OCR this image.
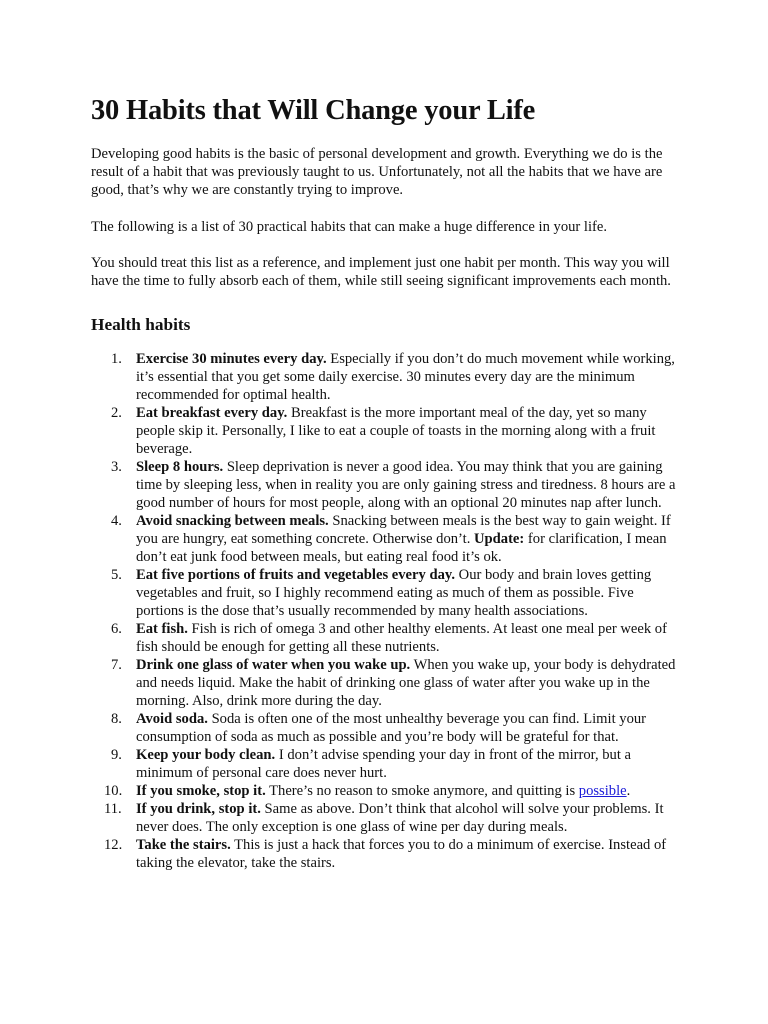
30 Habits that Will Change your Life

Developing good habits is the basic of personal development and growth. Everything we do is the result of a habit that was previously taught to us. Unfortunately, not all the habits that we have are good, that’s why we are constantly trying to improve.

The following is a list of 30 practical habits that can make a huge difference in your life.

You should treat this list as a reference, and implement just one habit per month. This way you will have the time to fully absorb each of them, while still seeing significant improvements each month.

Health habits
1. Exercise 30 minutes every day. Especially if you don’t do much movement while working, it’s essential that you get some daily exercise. 30 minutes every day are the minimum recommended for optimal health.
2. Eat breakfast every day. Breakfast is the more important meal of the day, yet so many people skip it. Personally, I like to eat a couple of toasts in the morning along with a fruit beverage.
3. Sleep 8 hours. Sleep deprivation is never a good idea. You may think that you are gaining time by sleeping less, when in reality you are only gaining stress and tiredness. 8 hours are a good number of hours for most people, along with an optional 20 minutes nap after lunch.
4. Avoid snacking between meals. Snacking between meals is the best way to gain weight. If you are hungry, eat something concrete. Otherwise don’t. Update: for clarification, I mean don’t eat junk food between meals, but eating real food it’s ok.
5. Eat five portions of fruits and vegetables every day. Our body and brain loves getting vegetables and fruit, so I highly recommend eating as much of them as possible. Five portions is the dose that’s usually recommended by many health associations.
6. Eat fish. Fish is rich of omega 3 and other healthy elements. At least one meal per week of fish should be enough for getting all these nutrients.
7. Drink one glass of water when you wake up. When you wake up, your body is dehydrated and needs liquid. Make the habit of drinking one glass of water after you wake up in the morning. Also, drink more during the day.
8. Avoid soda. Soda is often one of the most unhealthy beverage you can find. Limit your consumption of soda as much as possible and you’re body will be grateful for that.
9. Keep your body clean. I don’t advise spending your day in front of the mirror, but a minimum of personal care does never hurt.
10. If you smoke, stop it. There’s no reason to smoke anymore, and quitting is possible.
11. If you drink, stop it. Same as above. Don’t think that alcohol will solve your problems. It never does. The only exception is one glass of wine per day during meals.
12. Take the stairs. This is just a hack that forces you to do a minimum of exercise. Instead of taking the elevator, take the stairs.
